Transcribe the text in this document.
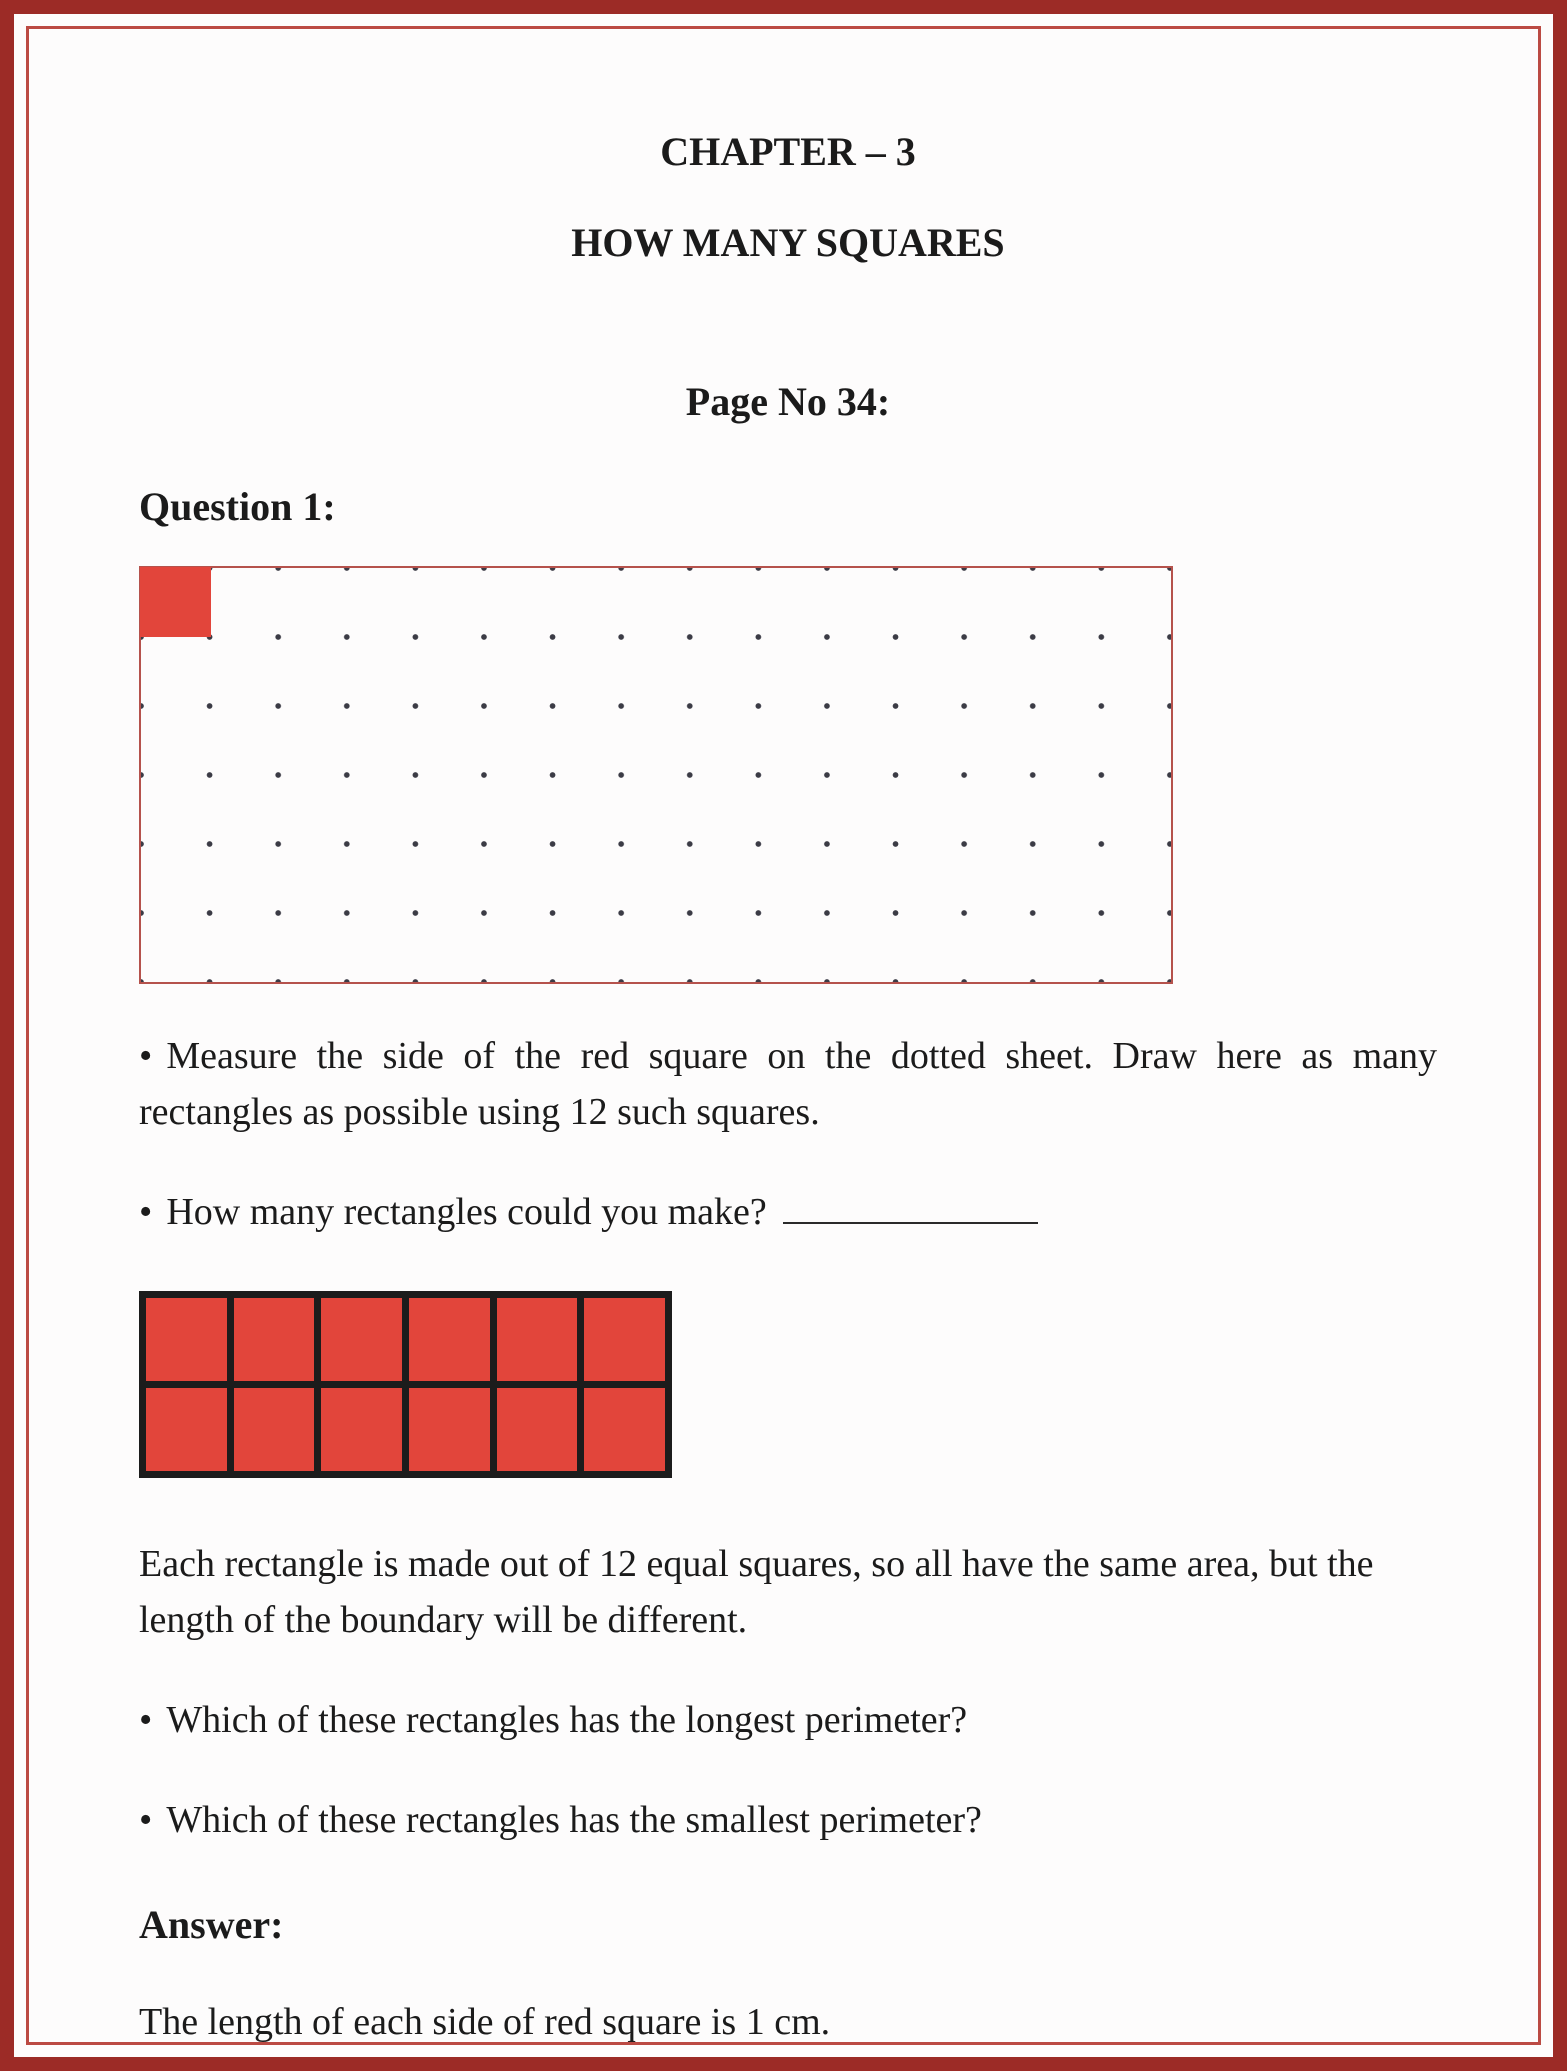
CHAPTER – 3
HOW MANY SQUARES
Page No 34:
Question 1:

• Measure the side of the red square on the dotted sheet. Draw here as many rectangles as possible using 12 such squares.

• How many rectangles could you make?

Each rectangle is made out of 12 equal squares, so all have the same area, but the length of the boundary will be different.

• Which of these rectangles has the longest perimeter?

• Which of these rectangles has the smallest perimeter?

Answer:

The length of each side of red square is 1 cm.
